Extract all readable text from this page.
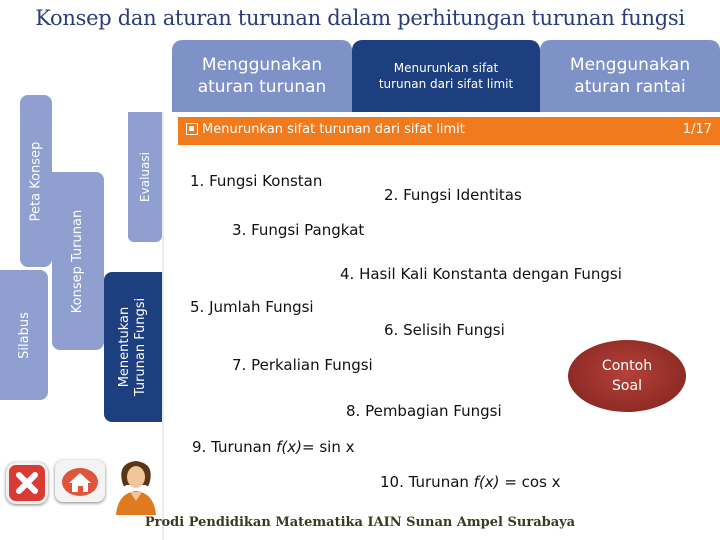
Konsep dan aturan turunan dalam perhitungan turunan fungsi
Menggunakan
aturan turunan
Menurunkan sifat
turunan dari sifat limit
Menggunakan
aturan rantai
Peta Konsep
Silabus
Konsep Turunan
Evaluasi
Menentukan Turunan Fungsi
Menurunkan sifat turunan dari sifat limit	1/17
1. Fungsi Konstan
2. Fungsi Identitas
3. Fungsi Pangkat
4. Hasil Kali Konstanta dengan Fungsi
5. Jumlah Fungsi
6. Selisih Fungsi
7. Perkalian Fungsi
8. Pembagian Fungsi
9. Turunan f(x)= sin x
10. Turunan f(x) = cos x
Contoh
Soal
Prodi Pendidikan Matematika IAIN Sunan Ampel Surabaya
